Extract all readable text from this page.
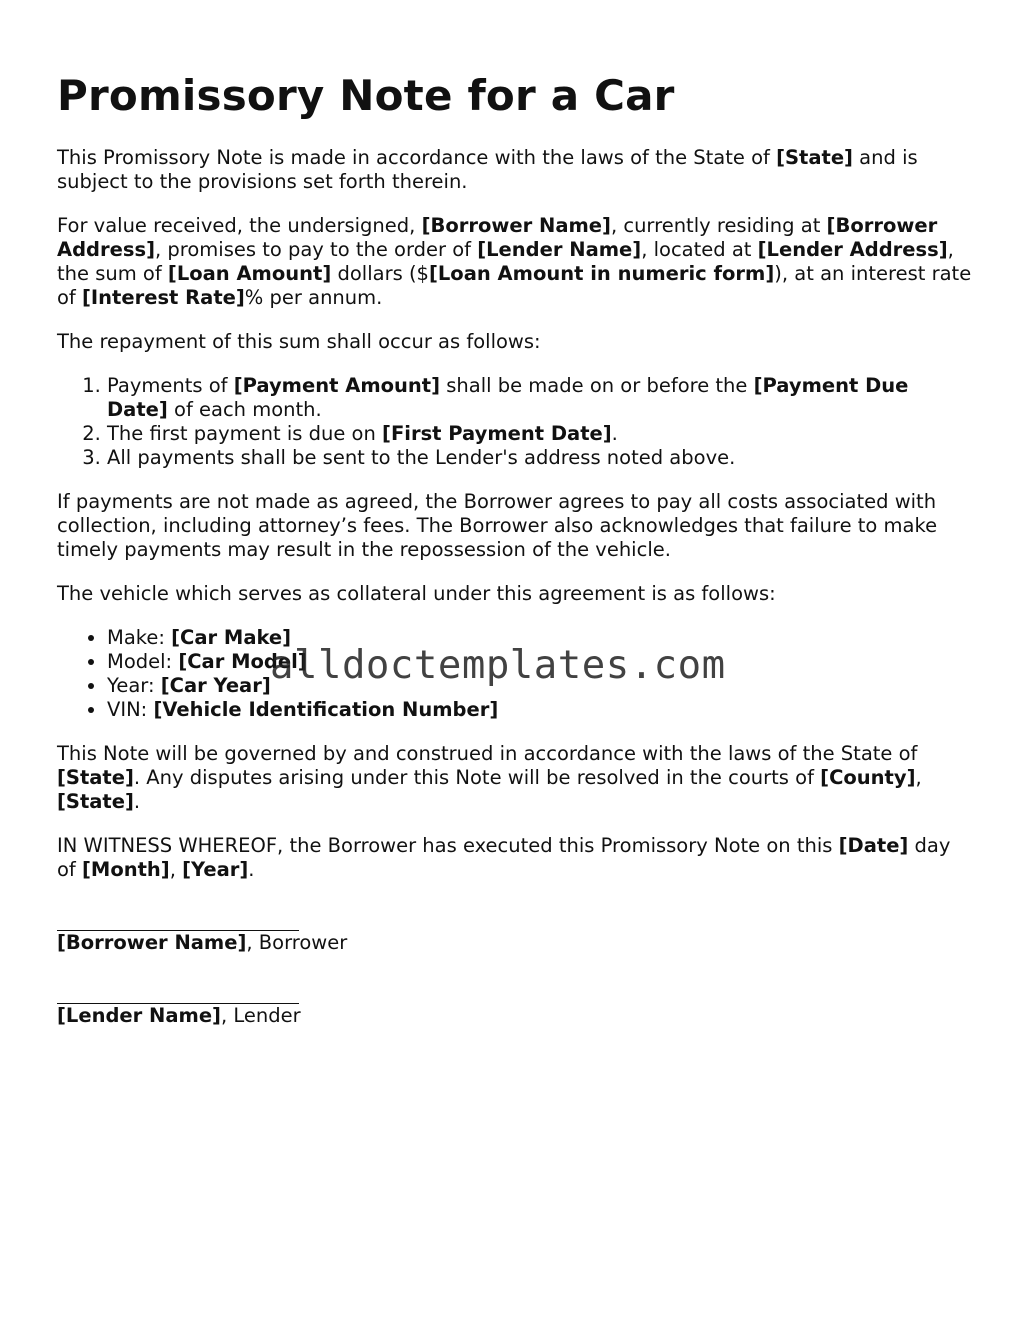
Promissory Note for a Car

This Promissory Note is made in accordance with the laws of the State of [State] and is subject to the provisions set forth therein.

For value received, the undersigned, [Borrower Name], currently residing at [Borrower Address], promises to pay to the order of [Lender Name], located at [Lender Address], the sum of [Loan Amount] dollars ($[Loan Amount in numeric form]), at an interest rate of [Interest Rate]% per annum.

The repayment of this sum shall occur as follows:

1. Payments of [Payment Amount] shall be made on or before the [Payment Due Date] of each month.
2. The first payment is due on [First Payment Date].
3. All payments shall be sent to the Lender's address noted above.

If payments are not made as agreed, the Borrower agrees to pay all costs associated with collection, including attorney’s fees. The Borrower also acknowledges that failure to make timely payments may result in the repossession of the vehicle.

The vehicle which serves as collateral under this agreement is as follows:

• Make: [Car Make]
• Model: [Car Model]
• Year: [Car Year]
• VIN: [Vehicle Identification Number]

This Note will be governed by and construed in accordance with the laws of the State of [State]. Any disputes arising under this Note will be resolved in the courts of [County], [State].

IN WITNESS WHEREOF, the Borrower has executed this Promissory Note on this [Date] day of [Month], [Year].

[Borrower Name], Borrower
[Lender Name], Lender
alldoctemplates.com
